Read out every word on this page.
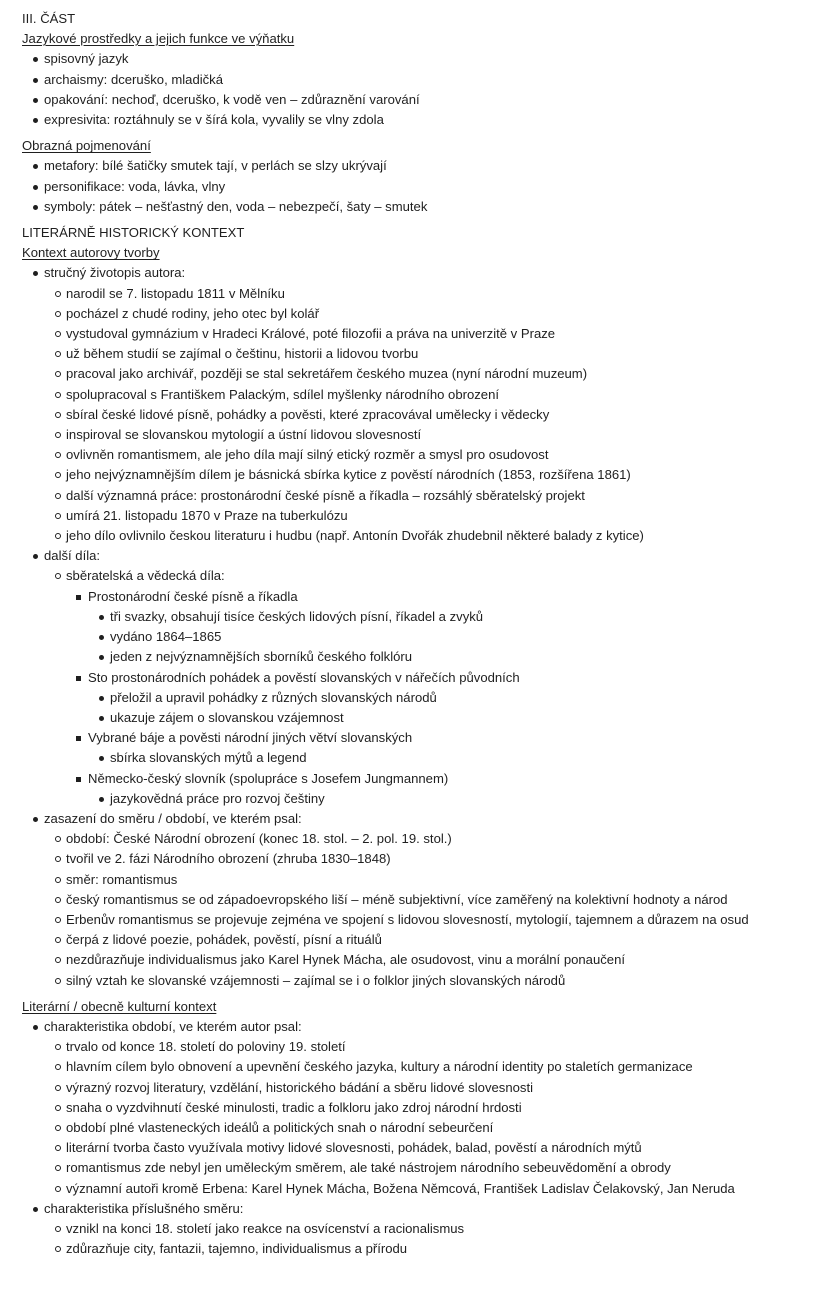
III. ČÁST
Jazykové prostředky a jejich funkce ve výňatku
spisovný jazyk
archaismy: dceruško, mladičká
opakování: nechoď, dceruško, k vodě ven – zdůraznění varování
expresivita: roztáhnuly se v šírá kola, vyvalily se vlny zdola
Obrazná pojmenování
metafory: bílé šatičky smutek tají, v perlách se slzy ukrývají
personifikace: voda, lávka, vlny
symboly: pátek – nešťastný den, voda – nebezpečí, šaty – smutek
LITERÁRNĚ HISTORICKÝ KONTEXT
Kontext autorovy tvorby
stručný životopis autora:
narodil se 7. listopadu 1811 v Mělníku
pocházel z chudé rodiny, jeho otec byl kolář
vystudoval gymnázium v Hradeci Králové, poté filozofii a práva na univerzitě v Praze
už během studií se zajímal o češtinu, historii a lidovou tvorbu
pracoval jako archivář, později se stal sekretářem českého muzea (nyní národní muzeum)
spolupracoval s Františkem Palackým, sdílel myšlenky národního obrození
sbíral české lidové písně, pohádky a pověsti, které zpracovával umělecky i vědecky
inspiroval se slovanskou mytologií a ústní lidovou slovesností
ovlivněn romantismem, ale jeho díla mají silný etický rozměr a smysl pro osudovost
jeho nejvýznamnějším dílem je básnická sbírka kytice z pověstí národních (1853, rozšířena 1861)
další významná práce: prostonárodní české písně a říkadla – rozsáhlý sběratelský projekt
umírá 21. listopadu 1870 v Praze na tuberkulózu
jeho dílo ovlivnilo českou literaturu i hudbu (např. Antonín Dvořák zhudebnil některé balady z kytice)
další díla:
sběratelská a vědecká díla:
Prostonárodní české písně a říkadla
tři svazky, obsahují tisíce českých lidových písní, říkadel a zvyků
vydáno 1864–1865
jeden z nejvýznamnějších sborníků českého folklóru
Sto prostonárodních pohádek a pověstí slovanských v nářečích původních
přeložil a upravil pohádky z různých slovanských národů
ukazuje zájem o slovanskou vzájemnost
Vybrané báje a pověsti národní jiných větví slovanských
sbírka slovanských mýtů a legend
Německo-český slovník (spolupráce s Josefem Jungmannem)
jazykovědná práce pro rozvoj češtiny
zasazení do směru / období, ve kterém psal:
období: České Národní obrození (konec 18. stol. – 2. pol. 19. stol.)
tvořil ve 2. fázi Národního obrození (zhruba 1830–1848)
směr: romantismus
český romantismus se od západoevropského liší – méně subjektivní, více zaměřený na kolektivní hodnoty a národ
Erbenův romantismus se projevuje zejména ve spojení s lidovou slovesností, mytologií, tajemnem a důrazem na osud
čerpá z lidové poezie, pohádek, pověstí, písní a rituálů
nezdůrazňuje individualismus jako Karel Hynek Mácha, ale osudovost, vinu a morální ponaučení
silný vztah ke slovanské vzájemnosti – zajímal se i o folklor jiných slovanských národů
Literární / obecně kulturní kontext
charakteristika období, ve kterém autor psal:
trvalo od konce 18. století do poloviny 19. století
hlavním cílem bylo obnovení a upevnění českého jazyka, kultury a národní identity po staletích germanizace
výrazný rozvoj literatury, vzdělání, historického bádání a sběru lidové slovesnosti
snaha o vyzdvihnutí české minulosti, tradic a folkloru jako zdroj národní hrdosti
období plné vlasteneckých ideálů a politických snah o národní sebeurčení
literární tvorba často využívala motivy lidové slovesnosti, pohádek, balad, pověstí a národních mýtů
romantismus zde nebyl jen uměleckým směrem, ale také nástrojem národního sebeuvědomění a obrody
významní autoři kromě Erbena: Karel Hynek Mácha, Božena Němcová, František Ladislav Čelakovský, Jan Neruda
charakteristika příslušného směru:
vznikl na konci 18. století jako reakce na osvícenství a racionalismus
zdůrazňuje city, fantazii, tajemno, individualismus a přírodu
